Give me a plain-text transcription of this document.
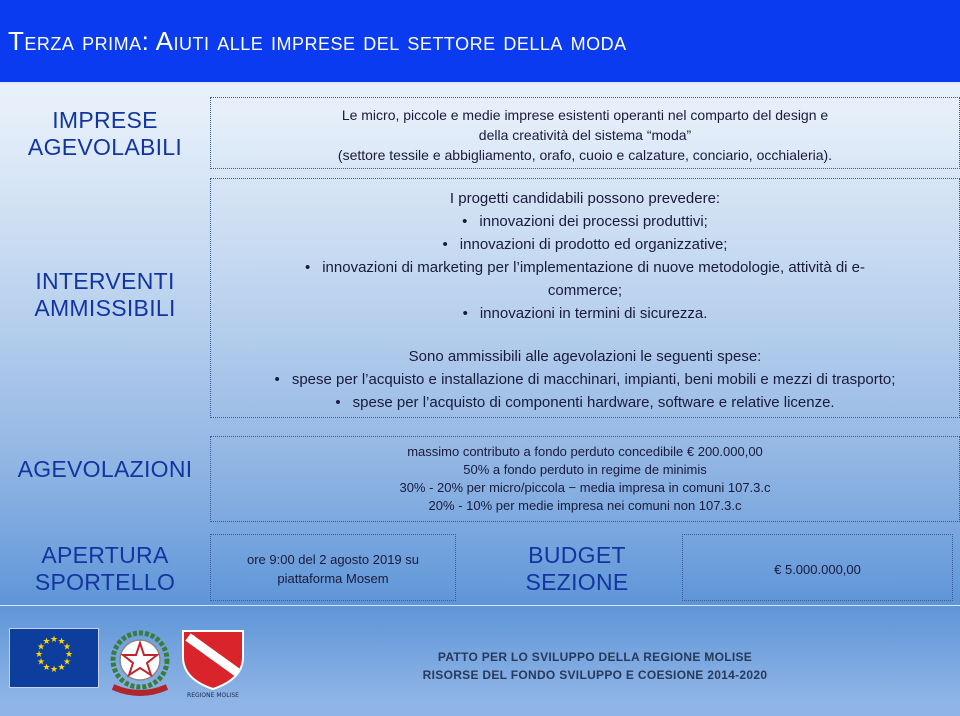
Terza prima: Aiuti alle imprese del settore della moda
IMPRESE
AGEVOLABILI
Le micro, piccole e medie imprese esistenti operanti nel comparto del design e
della creatività del sistema “moda”
(settore tessile e abbigliamento, orafo, cuoio e calzature, conciario, occhialeria).
INTERVENTI
AMMISSIBILI
I progetti candidabili possono prevedere:
• innovazioni dei processi produttivi;
• innovazioni di prodotto ed organizzative;
• innovazioni di marketing per l’implementazione di nuove metodologie, attività di e-
commerce;
• innovazioni in termini di sicurezza.
Sono ammissibili alle agevolazioni le seguenti spese:
• spese per l’acquisto e installazione di macchinari, impianti, beni mobili e mezzi di trasporto;
• spese per l’acquisto di componenti hardware, software e relative licenze.
AGEVOLAZIONI
massimo contributo a fondo perduto concedibile € 200.000,00
50% a fondo perduto in regime de minimis
30% - 20% per micro/piccola − media impresa in comuni 107.3.c
20% - 10% per medie impresa nei comuni non 107.3.c
APERTURA
SPORTELLO
ore 9:00 del 2 agosto 2019 su
piattaforma Mosem
BUDGET
SEZIONE	€ 5.000.000,00
★ ★
★
★
★
★
★
★
★
★
★
★
REGIONE MOLISE
PATTO PER LO SVILUPPO DELLA REGIONE MOLISE
RISORSE DEL FONDO SVILUPPO E COESIONE 2014-2020
